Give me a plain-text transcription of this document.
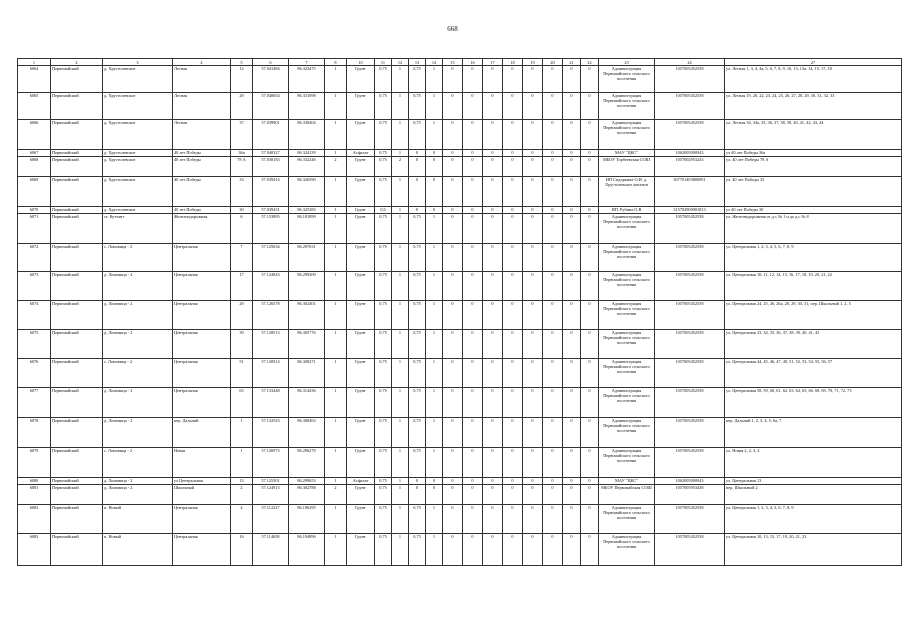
668
1	2	3	4	5	6	7	8	10	11	12	13	14	15	16	17	18	19	20	21	22	23	24	27
6064	Первомайский	д. Хрустолевское	Лесная	12	57.041484	86.323475	1	Грунт	0,75	1	0,75	1	0	0	0	0	0	0	0	0	Администрация Первомайского сельского поселения	1057005452558	ул. Лесная 1, 3, 4, 4а, 5, 6, 7, 8, 9, 10, 13, 13а, 14, 15, 17, 18
6065	Первомайский	д. Хрустолевское	Лесная	29	57.040654	86.331098	1	Грунт	0,75	1	0,75	1	0	0	0	0	0	0	0	0	Администрация Первомайского сельского поселения	1057005452558	ул. Лесная 19, 20, 22, 23, 24, 25, 26, 27, 28, 29, 30, 31, 32, 33
6066	Первомайский	д. Хрустолевское	Лесная	37	57.039901	86.338404	1	Грунт	0,75	1	0,75	1	0	0	0	0	0	0	0	0	Администрация Первомайского сельского поселения	1057005452558	ул. Лесная 34, 34а, 35, 36, 37, 38, 39, 40, 41, 42, 43, 44
6067	Первомайский	д. Хрустолевское	40 лет Победы	36а	57.040327	86.324139	1	Асфальт	0,75	1	0	0	0	0	0	0	0	0	0	0	МАУ "ЦКС"	1062005000943	ул 40 лет Победы 36а
6068	Первомайский	д. Хрустолевское	40 лет Победы	78 А	57.038183	86.332246	2	Грунт	0,75	2	0	0	0	0	0	0	0	0	0	0	МБОУ Торбеевская СОШ	1057002953243	ул. 40 лет Победы 78 А
6069	Первомайский	д. Хрустолевское	40 лет Победы	33	57.039414	86.326590	1	Грунт	0,75	1	0	0	0	0	0	0	0	0	0	0	ИП Сидоркина О.И. д. Хрустолевское магазин	307701403800091	ул. 40 лет Победы 33
6070	Первомайский	д. Хрустолевское	40 лет Победы	30	57.039431	86.325383	1	Грунт	0,5	1	0	0	0	0	0	0	0	0	0	0	ИП. Рубина О.В	315702900001813	ул 40 лет Победы 30
6071	Первомайский	ст. Куттант	Железнодорожная	6	57.153895	86.181899	1	Грунт	0,75	1	0,75	1	0	0	0	0	0	0	0	0	Администрация Первомайского сельского поселения	1057005452558	ул. Железнодорожная от д.с № 1 и до д.с № 8
6072	Первомайский	с. Ломовица - 2	Центральная	7	57.125634	86.297631	1	Грунт	0,75	1	0,75	1	0	0	0	0	0	0	0	0	Администрация Первомайского сельского поселения	1057005452558	ул. Центральная 1, 2, 3, 4, 5, 6, 7, 8, 9
6073	Первомайский	д. Ломовица - 2	Центральная	17	57.124843	86.299309	1	Грунт	0,75	1	0,75	1	0	0	0	0	0	0	0	0	Администрация Первомайского сельского поселения	1057005452558	ул. Центральная 10, 11, 12, 14, 15, 16, 17, 18, 19, 20, 21, 22
6074	Первомайский	д. Ломовица - 2	Центральная	29	57.126578	86.302401	1	Грунт	0,75	1	0,75	1	0	0	0	0	0	0	0	0	Администрация Первомайского сельского поселения	1057005452558	ул. Центральная 24, 25, 26, 26а, 28, 29, 30, 31; пер. Школьный 1, 2, 5
6075	Первомайский	д. Ломовица - 2	Центральная	39	57.128513	86.305776	1	Грунт	0,75	1	0,75	1	0	0	0	0	0	0	0	0	Администрация Первомайского сельского поселения	1057005452558	ул. Центральная 33, 34, 35, 36, 37, 38, 39, 40, 41, 43
6076	Первомайский	с. Ломовица - 2	Центральная	51	57.130914	86.308271	1	Грунт	0,75	1	0,75	1	0	0	0	0	0	0	0	0	Администрация Первомайского сельского поселения	1057005452558	ул. Центральная 44, 45, 46, 47, 49, 51, 52, 53, 54, 55, 56, 57
6077	Первомайский	д. Ломовица - 2	Центральная	65	57.133448	86.314436	1	Грунт	0,75	1	0,75	1	0	0	0	0	0	0	0	0	Администрация Первомайского сельского поселения	1057005452558	ул. Центральная 58, 59, 60, 61, 62, 63, 64, 65, 66, 68, 69, 70, 71, 72, 73
6078	Первомайский	д. Ломовица - 2	пер. Дальний	1	57.132543	86.308463	1	Грунт	0,75	1	0,75	1	0	0	0	0	0	0	0	0	Администрация Первомайского сельского поселения	1057005452558	пер. Дальний 1, 2, 3, 4, 5, 6а, 7
6079	Первомайский	с. Ломовица - 2	Новая	1	57.126973	86.296279	1	Грунт	0,75	1	0,75	1	0	0	0	0	0	0	0	0	Администрация Первомайского сельского поселения	1057005452558	ул. Новая 2, 2, 3, 4
6080	Первомайский	д. Ломовица - 2	ул Центральная	13	57.125301	86.299653	1	Асфальт	0,75	1	0	0	0	0	0	0	0	0	0	0	МАУ "ЦКС"	1062005000943	ул. Центральная 13
6081	Первомайский	д. Ломовица - 2	Школьный	2	57.124913	86.302788	2	Грунт	0,75	1	0	0	0	0	0	0	0	0	0	0	МБОУ Первомайская СОШ	1057005953438	пер. Школьный 2
6082	Первомайский	п. Новый	Центральная	4	57.112227	86.196295	1	Грунт	0,75	1	0,75	1	0	0	0	0	0	0	0	0	Администрация Первомайского сельского поселения	1057005452558	ул. Центральная 1, 2, 3, 4, 5, 6, 7, 8, 9
6083	Первомайский	п. Новый	Центральная	16	57.114658	86.194896	1	Грунт	0,75	1	0,75	1	0	0	0	0	0	0	0	0	Администрация Первомайского сельского поселения	1057005452558	ул. Центральная 10, 13, 15, 17, 19, 20, 21, 23
